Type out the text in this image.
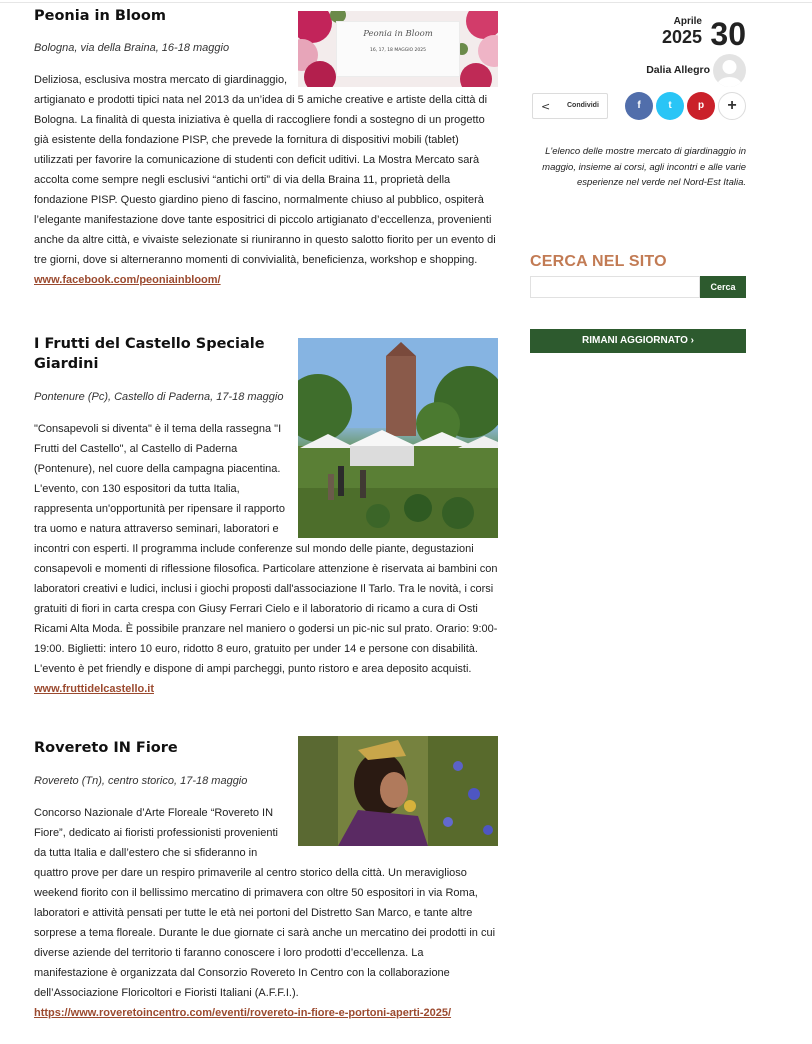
Peonia in Bloom
16, 17, 18 MAGGIO 2025
Peonia in Bloom

Bologna, via della Braina, 16-18 maggio

Deliziosa, esclusiva mostra mercato di giardinaggio, artigianato e prodotti tipici nata nel 2013 da un’idea di 5 amiche creative e artiste della città di Bologna. La finalità di questa iniziativa è quella di raccogliere fondi a sostegno di un progetto già esistente della fondazione PISP, che prevede la fornitura di dispositivi mobili (tablet) utilizzati per favorire la comunicazione di studenti con deficit uditivi. La Mostra Mercato sarà accolta come sempre negli esclusivi “antichi orti” di via della Braina 11, proprietà della fondazione PISP. Questo giardino pieno di fascino, normalmente chiuso al pubblico, ospiterà l’elegante manifestazione dove tante espositrici di piccolo artigianato d’eccellenza, provenienti anche da altre città, e vivaiste selezionate si riuniranno in questo salotto fiorito per un evento di tre giorni, dove si alterneranno momenti di convivialità, beneficienza, workshop e shopping.

www.facebook.com/peoniainbloom/
I Frutti del Castello Speciale Giardini

Pontenure (Pc), Castello di Paderna, 17-18 maggio

"Consapevoli si diventa" è il tema della rassegna "I Frutti del Castello", al Castello di Paderna (Pontenure), nel cuore della campagna piacentina. L'evento, con 130 espositori da tutta Italia, rappresenta un'opportunità per ripensare il rapporto tra uomo e natura attraverso seminari, laboratori e incontri con esperti. Il programma include conferenze sul mondo delle piante, degustazioni consapevoli e momenti di riflessione filosofica. Particolare attenzione è riservata ai bambini con laboratori creativi e ludici, inclusi i giochi proposti dall'associazione Il Tarlo. Tra le novità, i corsi gratuiti di fiori in carta crespa con Giusy Ferrari Cielo e il laboratorio di ricamo a cura di Osti Ricami Alta Moda. È possibile pranzare nel maniero o godersi un pic-nic sul prato. Orario: 9:00-19:00. Biglietti: intero 10 euro, ridotto 8 euro, gratuito per under 14 e persone con disabilità. L'evento è pet friendly e dispone di ampi parcheggi, punto ristoro e area deposito acquisti.

www.fruttidelcastello.it
Rovereto IN Fiore

Rovereto (Tn), centro storico, 17-18 maggio

Concorso Nazionale d’Arte Floreale “Rovereto IN Fiore”, dedicato ai fioristi professionisti provenienti da tutta Italia e dall’estero che si sfideranno in quattro prove per dare un respiro primaverile al centro storico della città. Un meraviglioso weekend fiorito con il bellissimo mercatino di primavera con oltre 50 espositori in via Roma, laboratori e attività pensati per tutte le età nei portoni del Distretto San Marco, e tante altre sorprese a tema floreale. Durante le due giornate ci sarà anche un mercatino dei prodotti in cui diverse aziende del territorio ti faranno conoscere i loro prodotti d’eccellenza. La manifestazione è organizzata dal Consorzio Rovereto In Centro con la collaborazione dell’Associazione Floricoltori e Fioristi Italiani (A.F.F.I.).

https://www.roveretoincentro.com/eventi/rovereto-in-fiore-e-portoni-aperti-2025/
Aprile
2025 30
Dalia Allegro
< Condividi	f	t	p	+

L'elenco delle mostre mercato di giardinaggio in maggio, insieme ai corsi, agli incontri e alle varie esperienze nel verde nel Nord-Est Italia.

CERCA NEL SITO
Cerca
RIMANI AGGIORNATO ›
